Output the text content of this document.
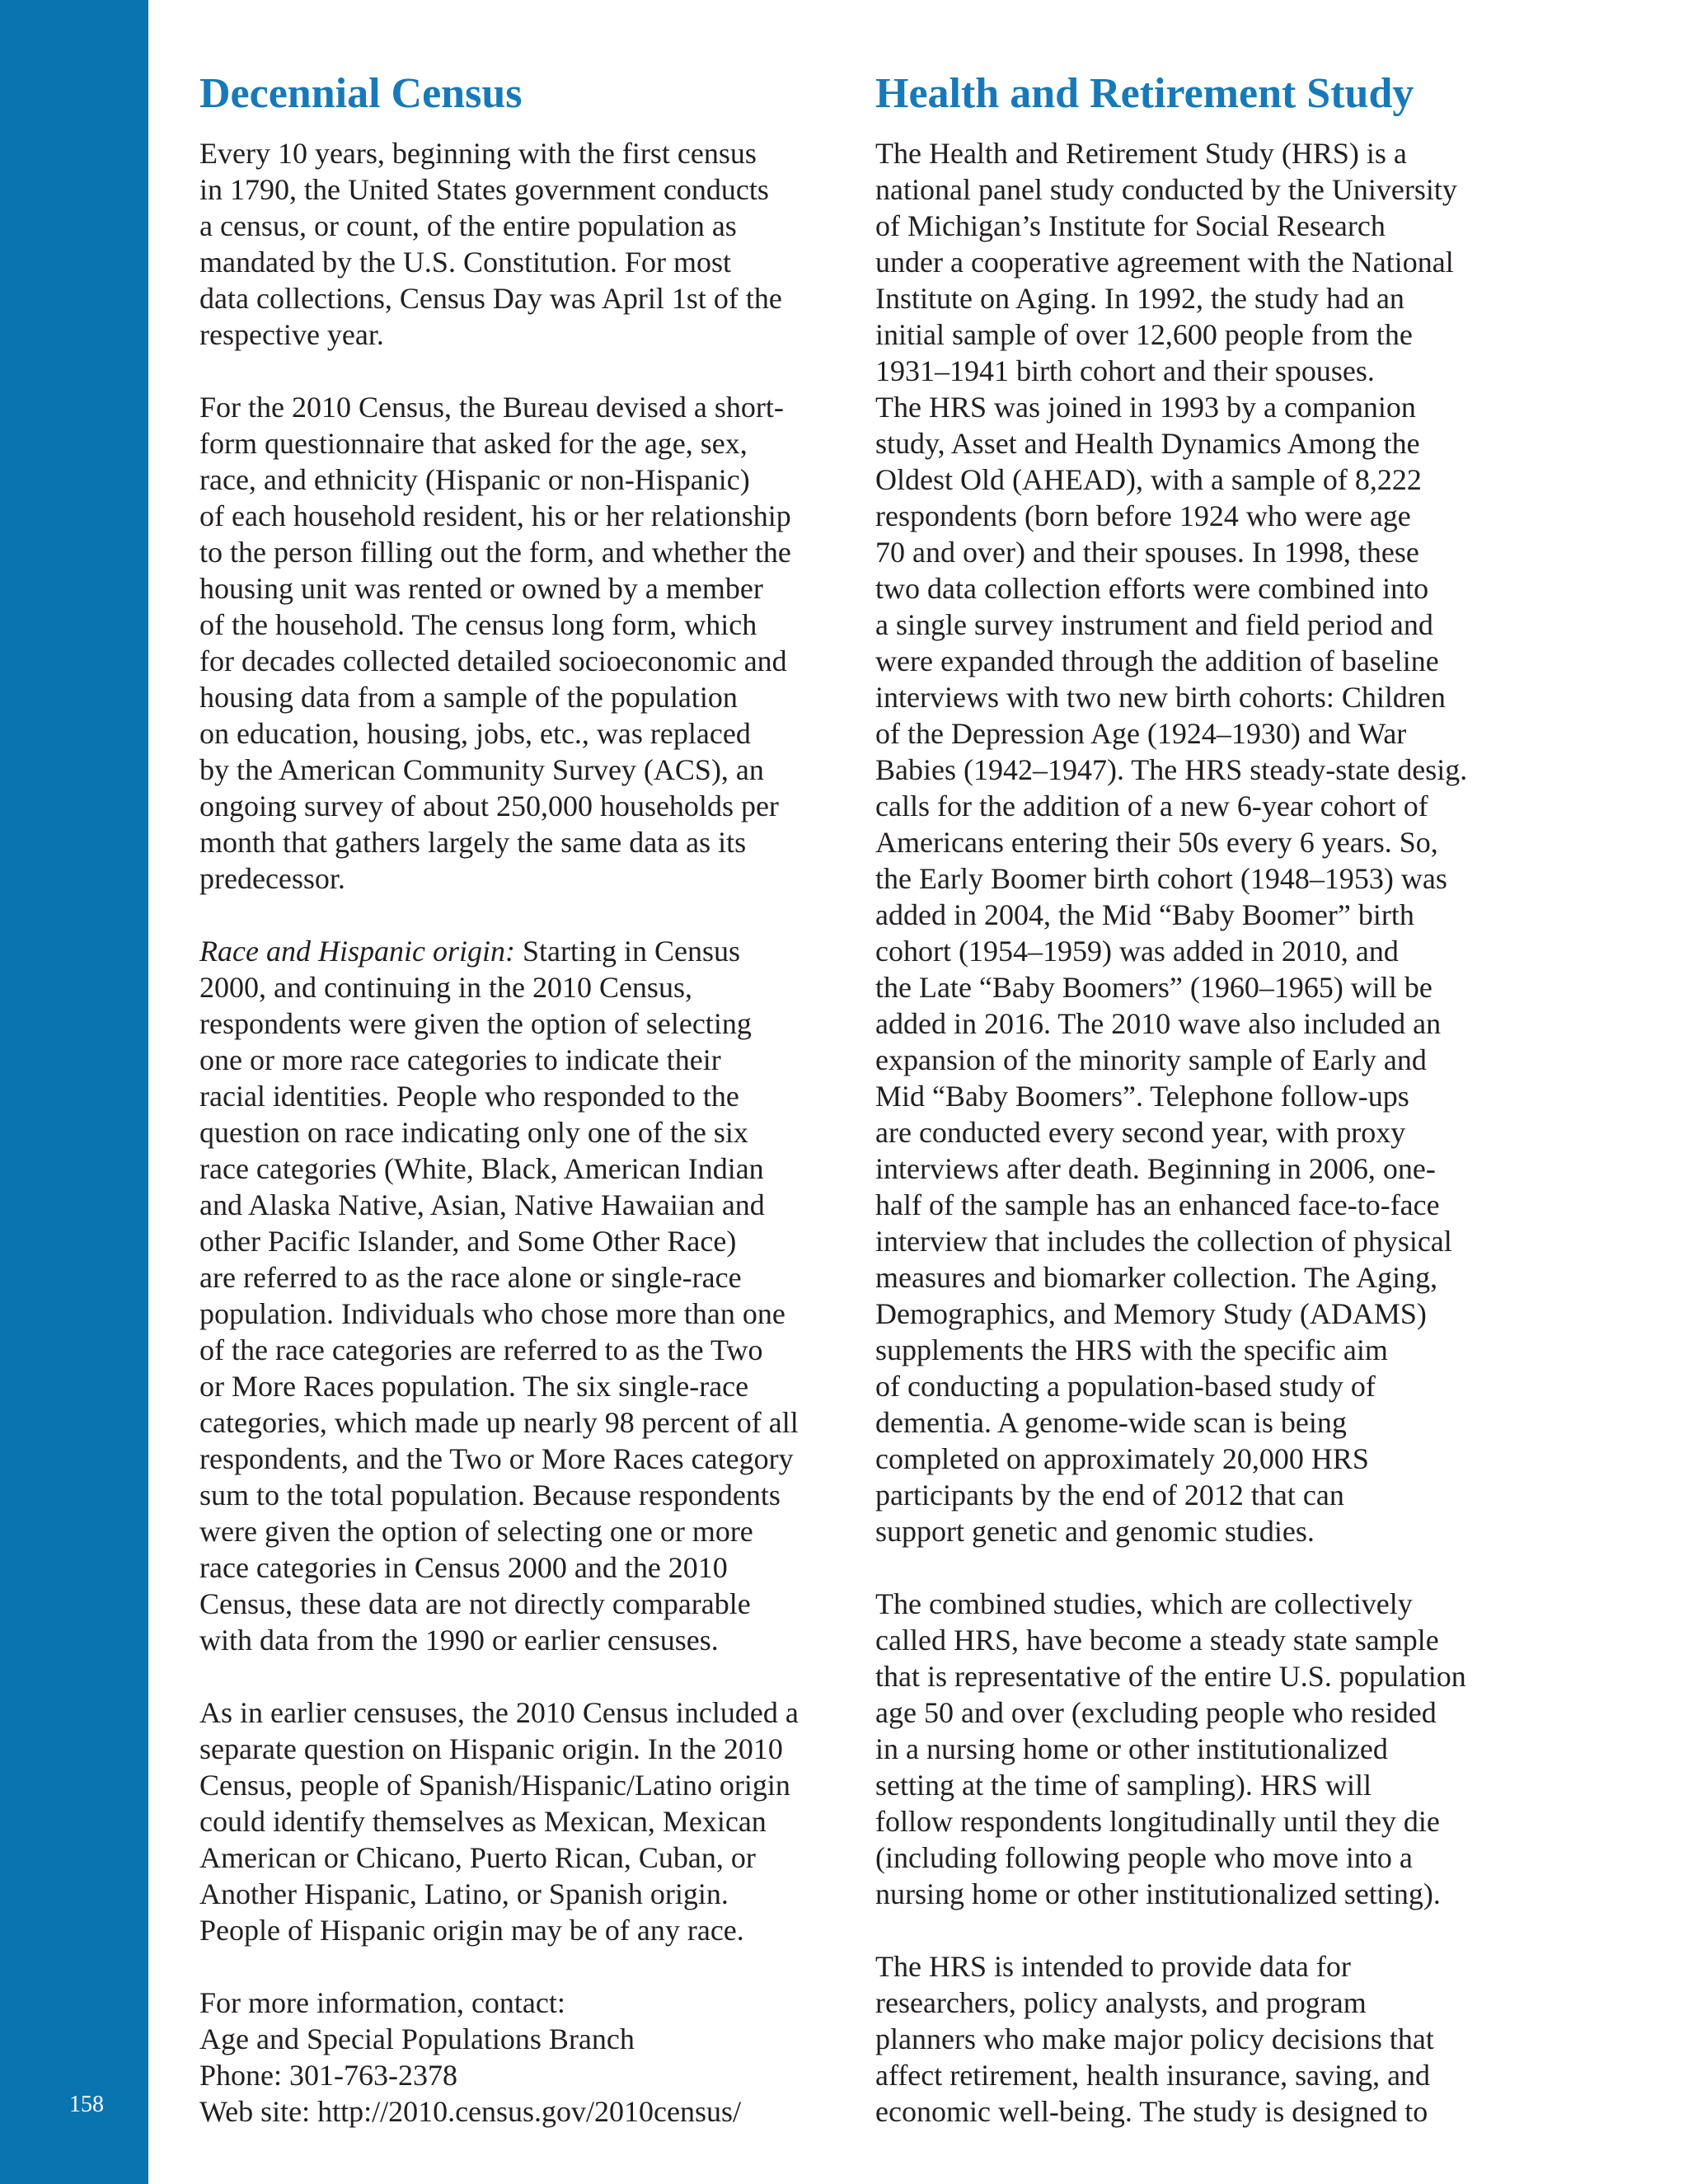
158
Decennial Census

Every 10 years, beginning with the first census
in 1790, the United States government conducts
a census, or count, of the entire population as
mandated by the U.S. Constitution. For most
data collections, Census Day was April 1st of the
respective year.

For the 2010 Census, the Bureau devised a short-
form questionnaire that asked for the age, sex,
race, and ethnicity (Hispanic or non-Hispanic)
of each household resident, his or her relationship
to the person filling out the form, and whether the
housing unit was rented or owned by a member
of the household. The census long form, which
for decades collected detailed socioeconomic and
housing data from a sample of the population
on education, housing, jobs, etc., was replaced
by the American Community Survey (ACS), an
ongoing survey of about 250,000 households per
month that gathers largely the same data as its
predecessor.

Race and Hispanic origin: Starting in Census
2000, and continuing in the 2010 Census,
respondents were given the option of selecting
one or more race categories to indicate their
racial identities. People who responded to the
question on race indicating only one of the six
race categories (White, Black, American Indian
and Alaska Native, Asian, Native Hawaiian and
other Pacific Islander, and Some Other Race)
are referred to as the race alone or single-race
population. Individuals who chose more than one
of the race categories are referred to as the Two
or More Races population. The six single-race
categories, which made up nearly 98 percent of all
respondents, and the Two or More Races category
sum to the total population. Because respondents
were given the option of selecting one or more
race categories in Census 2000 and the 2010
Census, these data are not directly comparable
with data from the 1990 or earlier censuses.

As in earlier censuses, the 2010 Census included a
separate question on Hispanic origin. In the 2010
Census, people of Spanish/Hispanic/Latino origin
could identify themselves as Mexican, Mexican
American or Chicano, Puerto Rican, Cuban, or
Another Hispanic, Latino, or Spanish origin.
People of Hispanic origin may be of any race.

For more information, contact:
Age and Special Populations Branch
Phone: 301-763-2378
Web site: http://2010.census.gov/2010census/
Health and Retirement Study

The Health and Retirement Study (HRS) is a
national panel study conducted by the University
of Michigan’s Institute for Social Research
under a cooperative agreement with the National
Institute on Aging. In 1992, the study had an
initial sample of over 12,600 people from the
1931–1941 birth cohort and their spouses.
The HRS was joined in 1993 by a companion
study, Asset and Health Dynamics Among the
Oldest Old (AHEAD), with a sample of 8,222
respondents (born before 1924 who were age
70 and over) and their spouses. In 1998, these
two data collection efforts were combined into
a single survey instrument and field period and
were expanded through the addition of baseline
interviews with two new birth cohorts: Children
of the Depression Age (1924–1930) and War
Babies (1942–1947). The HRS steady-state desig.
calls for the addition of a new 6-year cohort of
Americans entering their 50s every 6 years. So,
the Early Boomer birth cohort (1948–1953) was
added in 2004, the Mid “Baby Boomer” birth
cohort (1954–1959) was added in 2010, and
the Late “Baby Boomers” (1960–1965) will be
added in 2016. The 2010 wave also included an
expansion of the minority sample of Early and
Mid “Baby Boomers”. Telephone follow-ups
are conducted every second year, with proxy
interviews after death. Beginning in 2006, one-
half of the sample has an enhanced face-to-face
interview that includes the collection of physical
measures and biomarker collection. The Aging,
Demographics, and Memory Study (ADAMS)
supplements the HRS with the specific aim
of conducting a population-based study of
dementia. A genome-wide scan is being
completed on approximately 20,000 HRS
participants by the end of 2012 that can
support genetic and genomic studies.

The combined studies, which are collectively
called HRS, have become a steady state sample
that is representative of the entire U.S. population
age 50 and over (excluding people who resided
in a nursing home or other institutionalized
setting at the time of sampling). HRS will
follow respondents longitudinally until they die
(including following people who move into a
nursing home or other institutionalized setting).

The HRS is intended to provide data for
researchers, policy analysts, and program
planners who make major policy decisions that
affect retirement, health insurance, saving, and
economic well-being. The study is designed to
